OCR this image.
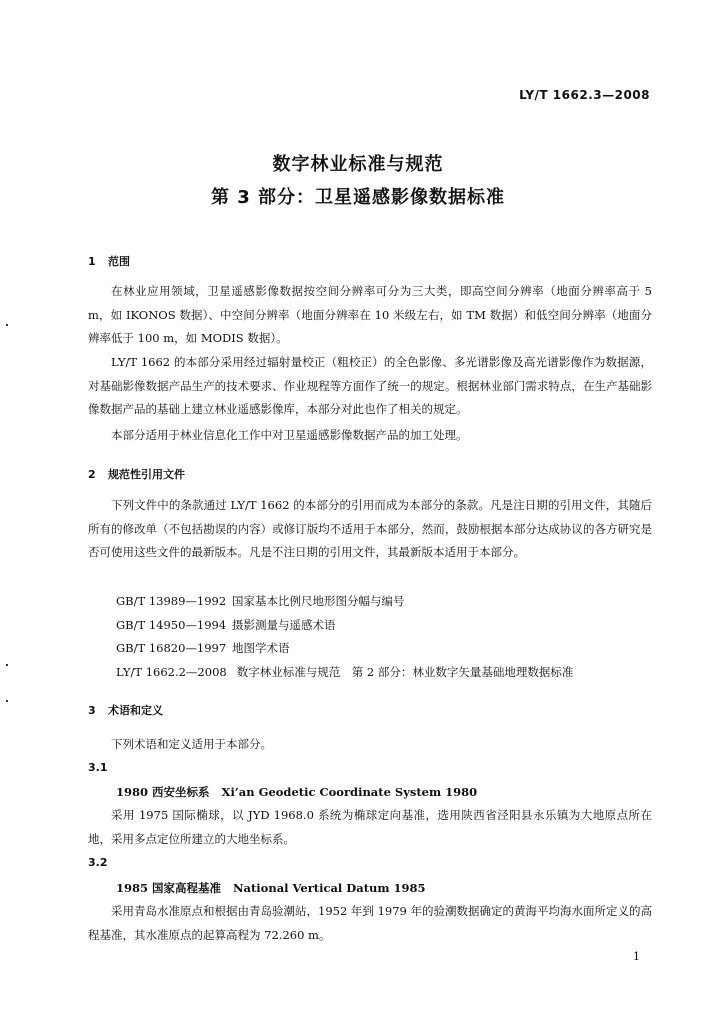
LY/T 1662.3—2008
数字林业标准与规范
第 3 部分：卫星遥感影像数据标准
1 范围

在林业应用领域，卫星遥感影像数据按空间分辨率可分为三大类，即高空间分辨率（地面分辨率高于 5 m，如 IKONOS 数据）、中空间分辨率（地面分辨率在 10 米级左右，如 TM 数据）和低空间分辨率（地面分辨率低于 100 m，如 MODIS 数据）。

LY/T 1662 的本部分采用经过辐射量校正（粗校正）的全色影像、多光谱影像及高光谱影像作为数据源，对基础影像数据产品生产的技术要求、作业规程等方面作了统一的规定。根据林业部门需求特点，在生产基础影像数据产品的基础上建立林业遥感影像库，本部分对此也作了相关的规定。

本部分适用于林业信息化工作中对卫星遥感影像数据产品的加工处理。

2 规范性引用文件

下列文件中的条款通过 LY/T 1662 的本部分的引用而成为本部分的条款。凡是注日期的引用文件，其随后所有的修改单（不包括勘误的内容）或修订版均不适用于本部分，然而，鼓励根据本部分达成协议的各方研究是否可使用这些文件的最新版本。凡是不注日期的引用文件，其最新版本适用于本部分。

GB/T 13989—1992 国家基本比例尺地形图分幅与编号
GB/T 14950—1994 摄影测量与遥感术语
GB/T 16820—1997 地图学术语
LY/T 1662.2—2008 数字林业标准与规范　第 2 部分：林业数字矢量基础地理数据标准
3 术语和定义

下列术语和定义适用于本部分。

3.1
1980 西安坐标系 Xi’an Geodetic Coordinate System 1980

采用 1975 国际椭球，以 JYD 1968.0 系统为椭球定向基准，选用陕西省泾阳县永乐镇为大地原点所在地，采用多点定位所建立的大地坐标系。

3.2
1985 国家高程基准 National Vertical Datum 1985

采用青岛水准原点和根据由青岛验潮站，1952 年到 1979 年的验潮数据确定的黄海平均海水面所定义的高程基准，其水准原点的起算高程为 72.260 m。

1
